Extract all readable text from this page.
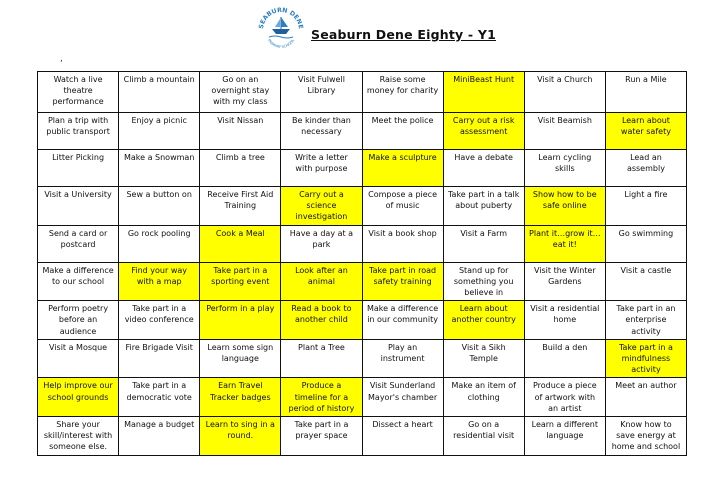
SEABURN DENE
PRIMARY SCHOOL Seaburn Dene Eighty - Y1
,
Watch a live theatre performance	Climb a mountain	Go on an overnight stay with my class	Visit Fulwell Library	Raise some money for charity	MiniBeast Hunt	Visit a Church	Run a Mile
Plan a trip with public transport	Enjoy a picnic	Visit Nissan	Be kinder than necessary	Meet the police	Carry out a risk assessment	Visit Beamish	Learn about water safety
Litter Picking	Make a Snowman	Climb a tree	Write a letter with purpose	Make a sculpture	Have a debate	Learn cycling skills	Lead an assembly
Visit a University	Sew a button on	Receive First Aid Training	Carry out a science investigation	Compose a piece of music	Take part in a talk about puberty	Show how to be safe online	Light a fire
Send a card or postcard	Go rock pooling	Cook a Meal	Have a day at a park	Visit a book shop	Visit a Farm	Plant it…grow it…eat it!	Go swimming
Make a difference to our school	Find your way with a map	Take part in a sporting event	Look after an animal	Take part in road safety training	Stand up for something you believe in	Visit the Winter Gardens	Visit a castle
Perform poetry before an audience	Take part in a video conference	Perform in a play	Read a book to another child	Make a difference in our community	Learn about another country	Visit a residential home	Take part in an enterprise activity
Visit a Mosque	Fire Brigade Visit	Learn some sign language	Plant a Tree	Play an instrument	Visit a Sikh Temple	Build a den	Take part in a mindfulness activity
Help improve our school grounds	Take part in a democratic vote	Earn Travel Tracker badges	Produce a timeline for a period of history	Visit Sunderland Mayor's chamber	Make an item of clothing	Produce a piece of artwork with an artist	Meet an author
Share your skill/interest with someone else.	Manage a budget	Learn to sing in a round.	Take part in a prayer space	Dissect a heart	Go on a residential visit	Learn a different language	Know how to save energy at home and school
